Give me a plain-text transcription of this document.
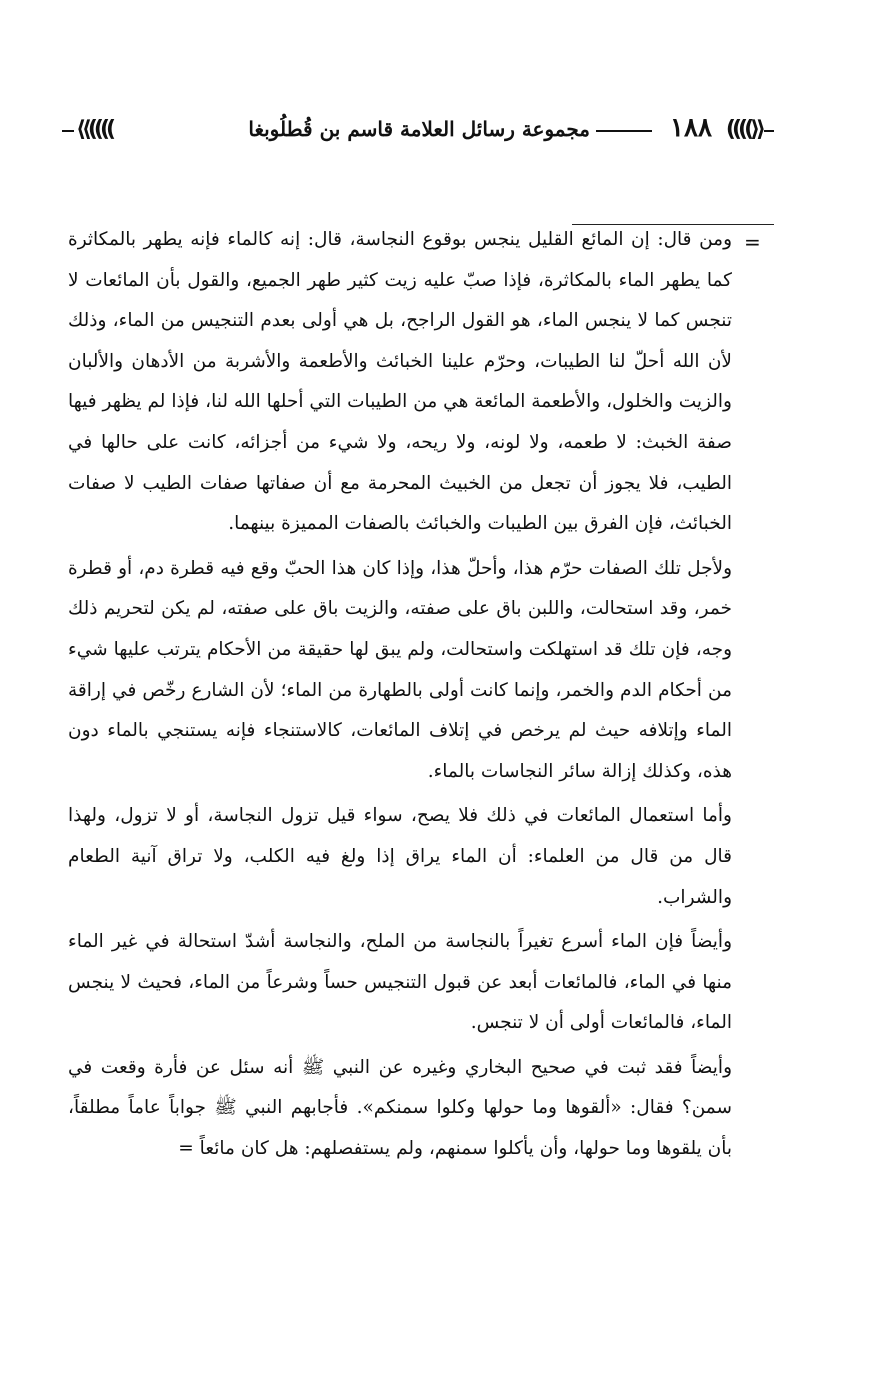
((((⟫
١٨٨
مجموعة رسائل العلامة قاسم بن قُطلُوبغا
⟪((((
=

ومن قال: إن المائع القليل ينجس بوقوع النجاسة، قال: إنه كالماء فإنه يطهر بالمكاثرة كما يطهر الماء بالمكاثرة، فإذا صبّ عليه زيت كثير طهر الجميع، والقول بأن المائعات لا تنجس كما لا ينجس الماء، هو القول الراجح، بل هي أولى بعدم التنجيس من الماء، وذلك لأن الله أحلّ لنا الطيبات، وحرّم علينا الخبائث والأطعمة والأشربة من الأدهان والألبان والزيت والخلول، والأطعمة المائعة هي من الطيبات التي أحلها الله لنا، فإذا لم يظهر فيها صفة الخبث: لا طعمه، ولا لونه، ولا ريحه، ولا شيء من أجزائه، كانت على حالها في الطيب، فلا يجوز أن تجعل من الخبيث المحرمة مع أن صفاتها صفات الطيب لا صفات الخبائث، فإن الفرق بين الطيبات والخبائث بالصفات المميزة بينهما.

ولأجل تلك الصفات حرّم هذا، وأحلّ هذا، وإذا كان هذا الحبّ وقع فيه قطرة دم، أو قطرة خمر، وقد استحالت، واللبن باق على صفته، والزيت باق على صفته، لم يكن لتحريم ذلك وجه، فإن تلك قد استهلكت واستحالت، ولم يبق لها حقيقة من الأحكام يترتب عليها شيء من أحكام الدم والخمر، وإنما كانت أولى بالطهارة من الماء؛ لأن الشارع رخّص في إراقة الماء وإتلافه حيث لم يرخص في إتلاف المائعات، كالاستنجاء فإنه يستنجي بالماء دون هذه، وكذلك إزالة سائر النجاسات بالماء.

وأما استعمال المائعات في ذلك فلا يصح، سواء قيل تزول النجاسة، أو لا تزول، ولهذا قال من قال من العلماء: أن الماء يراق إذا ولغ فيه الكلب، ولا تراق آنية الطعام والشراب.

وأيضاً فإن الماء أسرع تغيراً بالنجاسة من الملح، والنجاسة أشدّ استحالة في غير الماء منها في الماء، فالمائعات أبعد عن قبول التنجيس حساً وشرعاً من الماء، فحيث لا ينجس الماء، فالمائعات أولى أن لا تنجس.

وأيضاً فقد ثبت في صحيح البخاري وغيره عن النبي ﷺ أنه سئل عن فأرة وقعت في سمن؟ فقال: «ألقوها وما حولها وكلوا سمنكم». فأجابهم النبي ﷺ جواباً عاماً مطلقاً، بأن يلقوها وما حولها، وأن يأكلوا سمنهم، ولم يستفصلهم: هل كان مائعاً =
